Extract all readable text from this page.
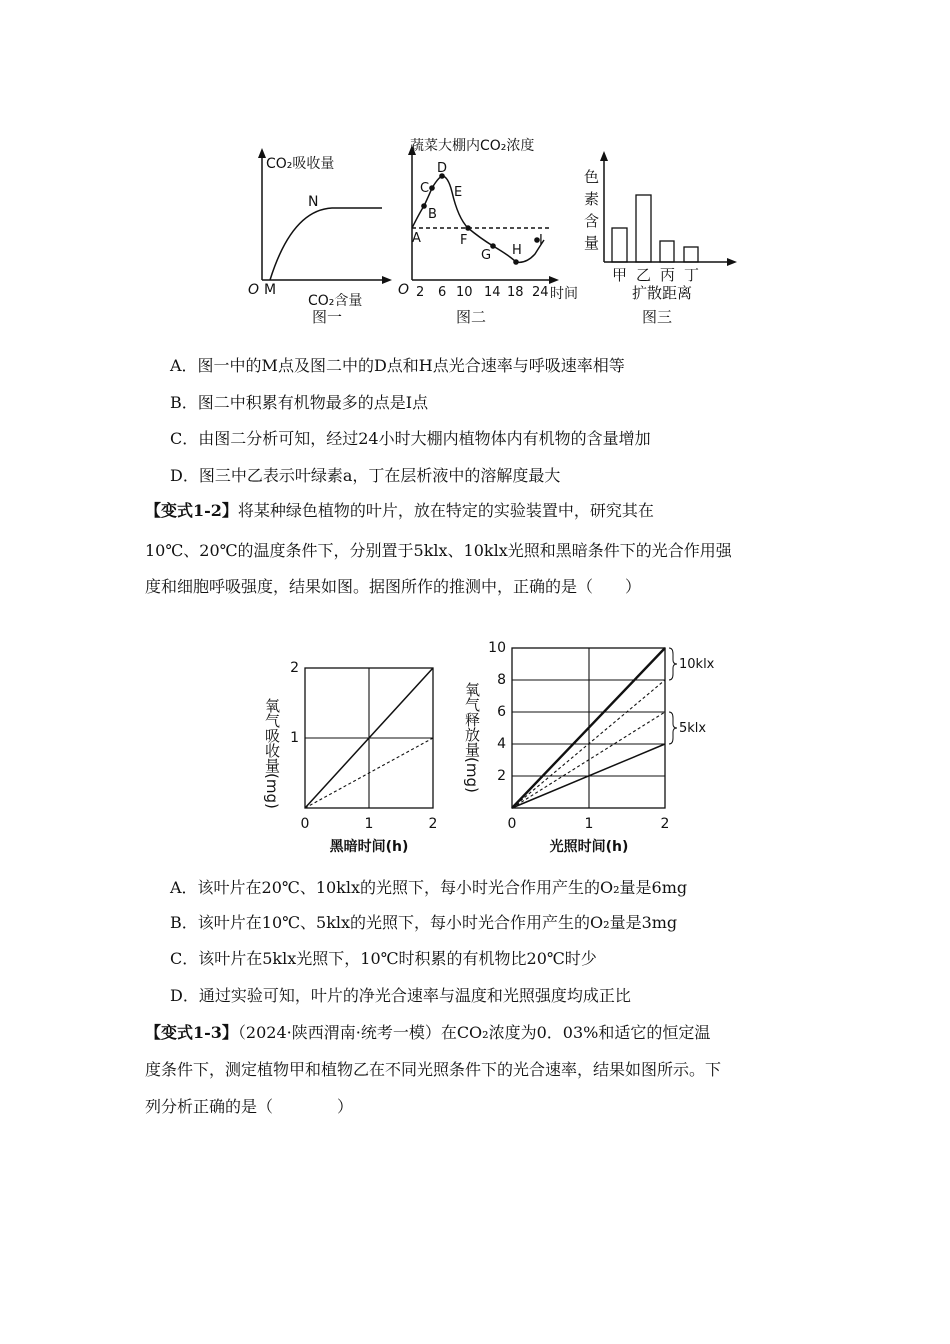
CO₂吸收量
CO₂含量
O M
N
图一
蔬菜大棚内CO₂浓度
O 2 6 10 14 18 24 时间
A
B
C
D
E
F
G H
I
图二
色
素
含
量
甲 乙 丙 丁
扩散距离
图三
A．图一中的M点及图二中的D点和H点光合速率与呼吸速率相等
B．图二中积累有机物最多的点是I点
C．由图二分析可知，经过24小时大棚内植物体内有机物的含量增加
D．图三中乙表示叶绿素a，丁在层析液中的溶解度最大
【变式1-2】将某种绿色植物的叶片，放在特定的实验装置中，研究其在
10℃、20℃的温度条件下，分别置于5klx、10klx光照和黑暗条件下的光合作用强
度和细胞呼吸强度，结果如图。据图所作的推测中，正确的是（　　）
2
1
0	1	2
黑暗时间(h)
氧气吸收量(mg)
10
8
6
4
2
0	1	2
光照时间(h)
氧气释放量(mg)
10klx
5klx
A．该叶片在20℃、10klx的光照下，每小时光合作用产生的O₂量是6mg
B．该叶片在10℃、5klx的光照下，每小时光合作用产生的O₂量是3mg
C．该叶片在5klx光照下，10℃时积累的有机物比20℃时少
D．通过实验可知，叶片的净光合速率与温度和光照强度均成正比
【变式1-3】（2024·陕西渭南·统考一模）在CO₂浓度为0．03%和适它的恒定温
度条件下，测定植物甲和植物乙在不同光照条件下的光合速率，结果如图所示。下
列分析正确的是（　　　　）
